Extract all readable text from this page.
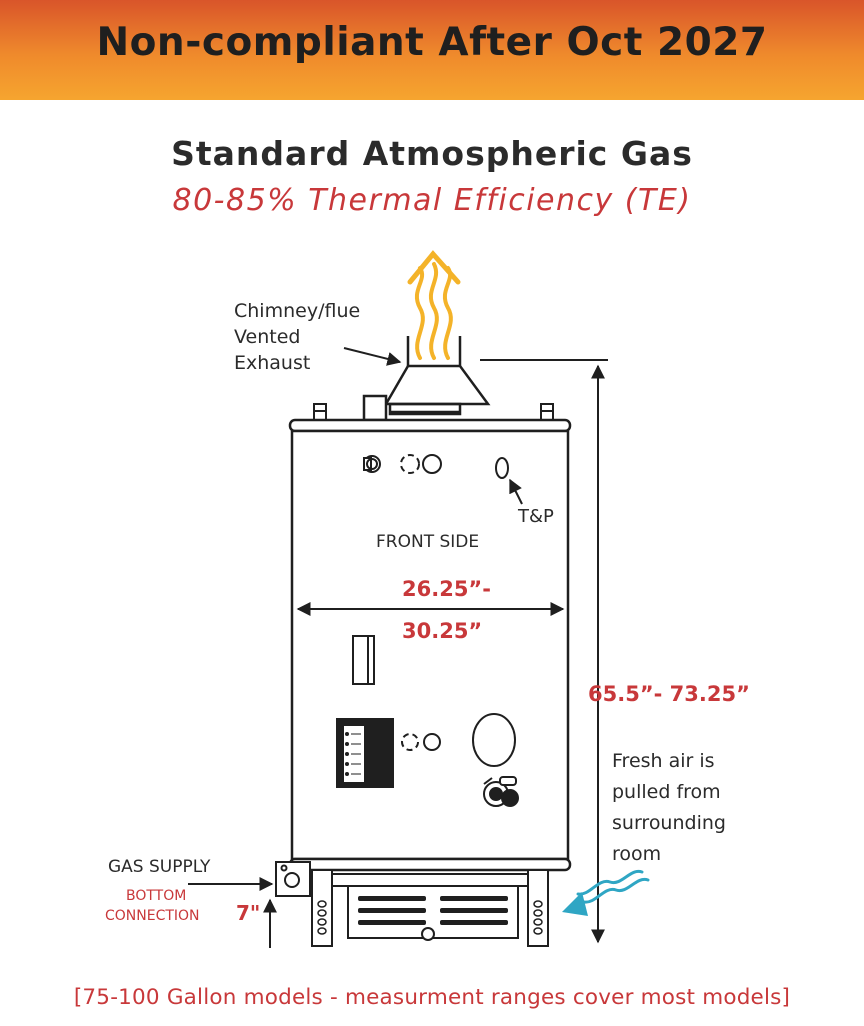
Non-compliant After Oct 2027
Standard Atmospheric Gas
80-85% Thermal Efficiency (TE)
Chimney/flue
Vented
Exhaust
T&P
FRONT SIDE
26.25”-
30.25”
65.5”- 73.25”
Fresh air is
pulled from
surrounding
room
GAS SUPPLY
BOTTOM
CONNECTION 7"
[75-100 Gallon models - measurment ranges cover most models]
